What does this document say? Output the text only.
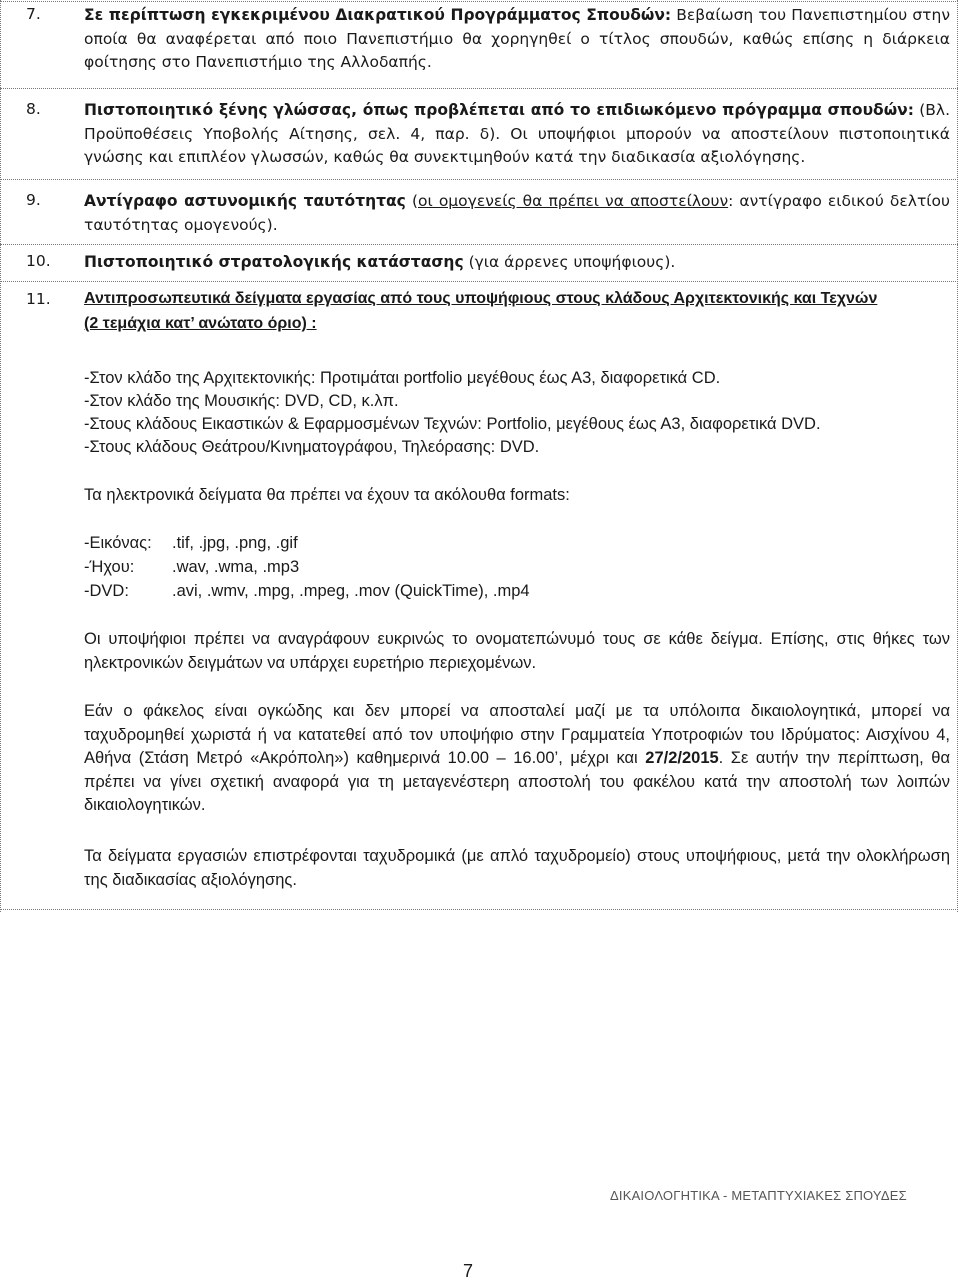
7.	Σε περίπτωση εγκεκριμένου Διακρατικού Προγράμματος Σπουδών: Βεβαίωση του Πανεπιστημίου στην οποία θα αναφέρεται από ποιο Πανεπιστήμιο θα χορηγηθεί ο τίτλος σπουδών, καθώς επίσης η διάρκεια φοίτησης στο Πανεπιστήμιο της Αλλοδαπής.
8.	Πιστοποιητικό ξένης γλώσσας, όπως προβλέπεται από το επιδιωκόμενο πρόγραμμα σπουδών: (Βλ. Προϋποθέσεις Υποβολής Αίτησης, σελ. 4, παρ. δ). Οι υποψήφιοι μπορούν να αποστείλουν πιστοποιητικά γνώσης και επιπλέον γλωσσών, καθώς θα συνεκτιμηθούν κατά την διαδικασία αξιολόγησης.
9.	Αντίγραφο αστυνομικής ταυτότητας (οι ομογενείς θα πρέπει να αποστείλουν: αντίγραφο ειδικού δελτίου ταυτότητας ομογενούς).
10. Πιστοποιητικό στρατολογικής κατάστασης (για άρρενες υποψήφιους).
11. Αντιπροσωπευτικά δείγματα εργασίας από τους υποψήφιους στους κλάδους Αρχιτεκτονικής και Τεχνών
(2 τεμάχια κατ’ ανώτατο όριο) :
-Στον κλάδο της Αρχιτεκτονικής: Προτιμάται portfolio μεγέθους έως Α3, διαφορετικά CD.
-Στον κλάδο της Μουσικής: DVD, CD, κ.λπ.
-Στους κλάδους Εικαστικών & Εφαρμοσμένων Τεχνών: Portfolio, μεγέθους έως Α3, διαφορετικά DVD.
-Στους κλάδους Θεάτρου/Κινηματογράφου, Τηλεόρασης: DVD.
Τα ηλεκτρονικά δείγματα θα πρέπει να έχουν τα ακόλουθα formats:
-Εικόνας: .tif, .jpg, .png, .gif
-Ήχου: .wav, .wma, .mp3
-DVD:	.avi, .wmv, .mpg, .mpeg, .mov (QuickTime), .mp4
Οι υποψήφιοι πρέπει να αναγράφουν ευκρινώς το ονοματεπώνυμό τους σε κάθε δείγμα. Επίσης, στις θήκες των ηλεκτρονικών δειγμάτων να υπάρχει ευρετήριο περιεχομένων.
Εάν ο φάκελος είναι ογκώδης και δεν μπορεί να αποσταλεί μαζί με τα υπόλοιπα δικαιολογητικά, μπορεί να ταχυδρομηθεί χωριστά ή να κατατεθεί από τον υποψήφιο στην Γραμματεία Υποτροφιών του Ιδρύματος: Αισχίνου 4, Αθήνα (Στάση Μετρό «Ακρόπολη») καθημερινά 10.00 – 16.00’, μέχρι και 27/2/2015. Σε αυτήν την περίπτωση, θα πρέπει να γίνει σχετική αναφορά για τη μεταγενέστερη αποστολή του φακέλου κατά την αποστολή των λοιπών δικαιολογητικών.
Τα δείγματα εργασιών επιστρέφονται ταχυδρομικά (με απλό ταχυδρομείο) στους υποψήφιους, μετά την ολοκλήρωση της διαδικασίας αξιολόγησης.
ΔΙΚΑΙΟΛΟΓΗΤΙΚΑ - ΜΕΤΑΠΤΥΧΙΑΚΕΣ ΣΠΟΥΔΕΣ
7
